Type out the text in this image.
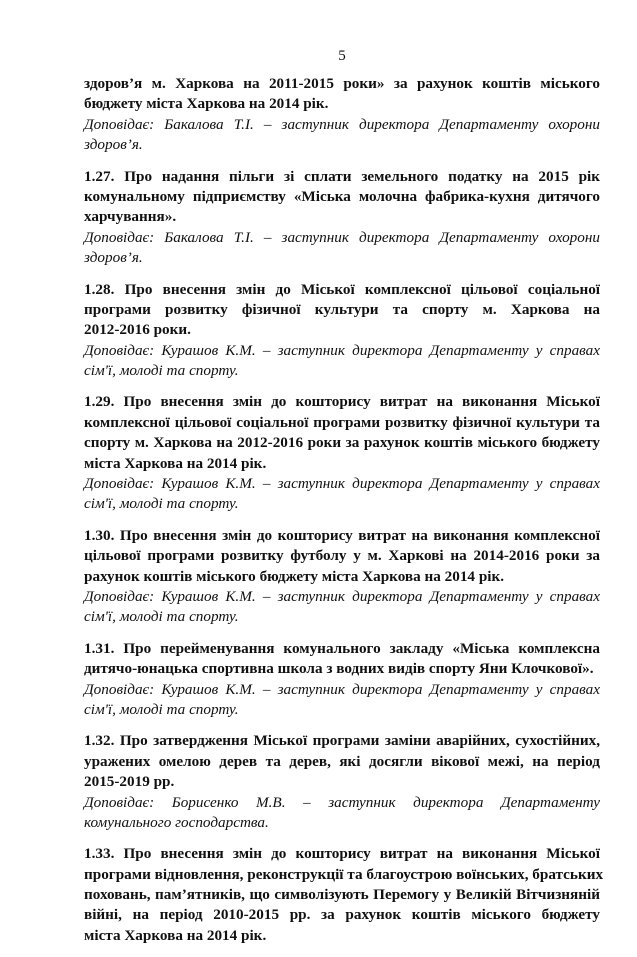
5
здоров’я м. Харкова на 2011-2015 роки» за рахунок коштів міського
бюджету міста Харкова на 2014 рік.
Доповідає: Бакалова Т.І. – заступник директора Департаменту охорони
здоров’я.
1.27. Про надання пільги зі сплати земельного податку на 2015 рік
комунальному підприємству «Міська молочна фабрика-кухня дитячого
харчування».
Доповідає: Бакалова Т.І. – заступник директора Департаменту охорони
здоров’я.
1.28. Про внесення змін до Міської комплексної цільової соціальної
програми розвитку фізичної культури та спорту м. Харкова на
2012-2016 роки.
Доповідає: Курашов К.М. – заступник директора Департаменту у справах
сім'ї, молоді та спорту.
1.29. Про внесення змін до кошторису витрат на виконання Міської
комплексної цільової соціальної програми розвитку фізичної культури та
спорту м. Харкова на 2012-2016 роки за рахунок коштів міського бюджету
міста Харкова на 2014 рік.
Доповідає: Курашов К.М. – заступник директора Департаменту у справах
сім'ї, молоді та спорту.
1.30. Про внесення змін до кошторису витрат на виконання комплексної
цільової програми розвитку футболу у м. Харкові на 2014-2016 роки за
рахунок коштів міського бюджету міста Харкова на 2014 рік.
Доповідає: Курашов К.М. – заступник директора Департаменту у справах
сім'ї, молоді та спорту.
1.31. Про перейменування комунального закладу «Міська комплексна
дитячо-юнацька спортивна школа з водних видів спорту Яни Клочкової».
Доповідає: Курашов К.М. – заступник директора Департаменту у справах
сім'ї, молоді та спорту.
1.32. Про затвердження Міської програми заміни аварійних, сухостійних,
уражених омелою дерев та дерев, які досягли вікової межі, на період
2015-2019 рр.
Доповідає: Борисенко М.В. – заступник директора Департаменту
комунального господарства.
1.33. Про внесення змін до кошторису витрат на виконання Міської
програми відновлення, реконструкції та благоустрою воїнських, братських
поховань, пам’ятників, що символізують Перемогу у Великій Вітчизняній
війні, на період 2010-2015 рр. за рахунок коштів міського бюджету
міста Харкова на 2014 рік.
